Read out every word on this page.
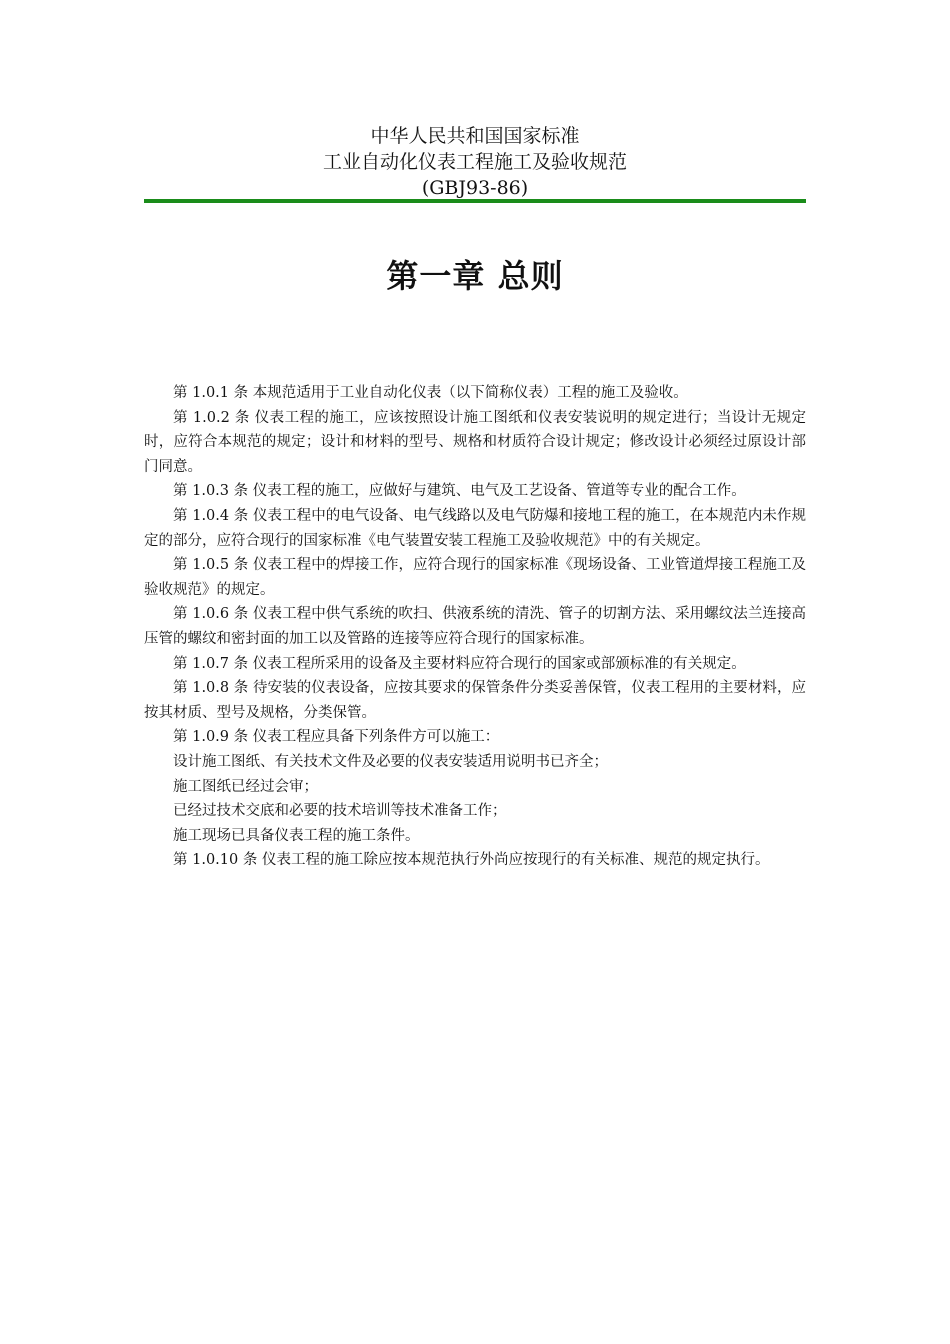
中华人民共和国国家标准
工业自动化仪表工程施工及验收规范
(GBJ93-86)
第一章 总则

第 1.0.1 条 本规范适用于工业自动化仪表（以下简称仪表）工程的施工及验收。

第 1.0.2 条 仪表工程的施工，应该按照设计施工图纸和仪表安装说明的规定进行；当设计无规定时，应符合本规范的规定；设计和材料的型号、规格和材质符合设计规定；修改设计必须经过原设计部门同意。

第 1.0.3 条 仪表工程的施工，应做好与建筑、电气及工艺设备、管道等专业的配合工作。

第 1.0.4 条 仪表工程中的电气设备、电气线路以及电气防爆和接地工程的施工，在本规范内未作规定的部分，应符合现行的国家标准《电气装置安装工程施工及验收规范》中的有关规定。

第 1.0.5 条 仪表工程中的焊接工作，应符合现行的国家标准《现场设备、工业管道焊接工程施工及验收规范》的规定。

第 1.0.6 条 仪表工程中供气系统的吹扫、供液系统的清洗、管子的切割方法、采用螺纹法兰连接高压管的螺纹和密封面的加工以及管路的连接等应符合现行的国家标准。

第 1.0.7 条 仪表工程所采用的设备及主要材料应符合现行的国家或部颁标准的有关规定。

第 1.0.8 条 待安装的仪表设备，应按其要求的保管条件分类妥善保管，仪表工程用的主要材料，应按其材质、型号及规格，分类保管。

第 1.0.9 条 仪表工程应具备下列条件方可以施工：

设计施工图纸、有关技术文件及必要的仪表安装适用说明书已齐全；

施工图纸已经过会审；

已经过技术交底和必要的技术培训等技术准备工作；

施工现场已具备仪表工程的施工条件。

第 1.0.10 条 仪表工程的施工除应按本规范执行外尚应按现行的有关标准、规范的规定执行。
